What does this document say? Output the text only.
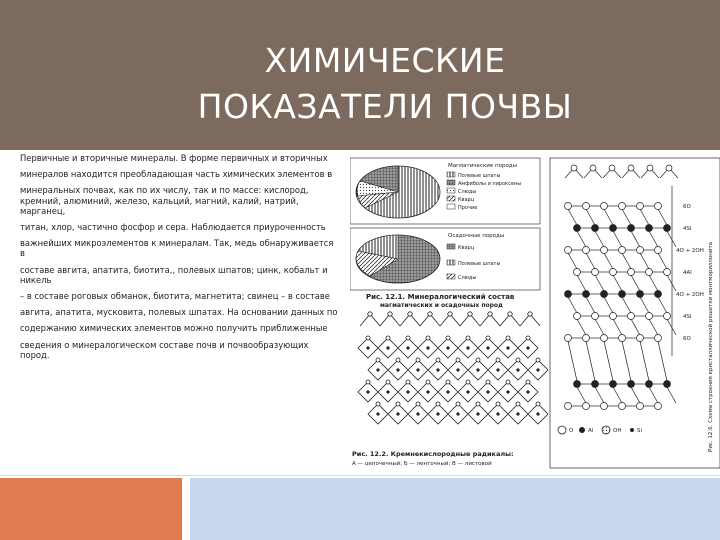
ХИМИЧЕСКИЕ
ПОКАЗАТЕЛИ ПОЧВЫ

Первичные и вторичные минералы. В форме первичных и вторичных

минералов находится преобладающая часть химических элементов в

минеральных почвах, как по их числу, так и по массе: кислород, кремний, алюминий, железо, кальций, магний, калий, натрий, марганец,

титан, хлор, частично фосфор и сера. Наблюдается приуроченность

важнейших микроэлементов к минералам. Так, медь обнаруживается в

составе авгита, апатита, биотита,, полевых шпатов; цинк, кобальт и никель

– в составе роговых обманок, биотита, магнетита; свинец – в составе

авгита, апатита, мусковита, полевых шпатах. На основании данных по

содержанию химических элементов можно получить приближенные

сведения о минералогическом составе почв и почвообразующих пород.

Магматические породы
Полевые шпаты
Амфиболы и пироксены
Слюды
Кварц
Прочие
Осадочные породы
Кварц
Полевые шпаты
Слюды
Рис. 12.1. Минералогический состав
магматических и осадочных пород
Рис. 12.2. Кремнекислородные радикалы:
А — цепочечный; Б — ленточный; В — листовой
6O
4Si
4O + 2OH
4Al
4O + 2OH
4Si
6O
O	Al	OH	Si	Рис. 12.6. Схема строения кристаллической решетки монтмориллонита
